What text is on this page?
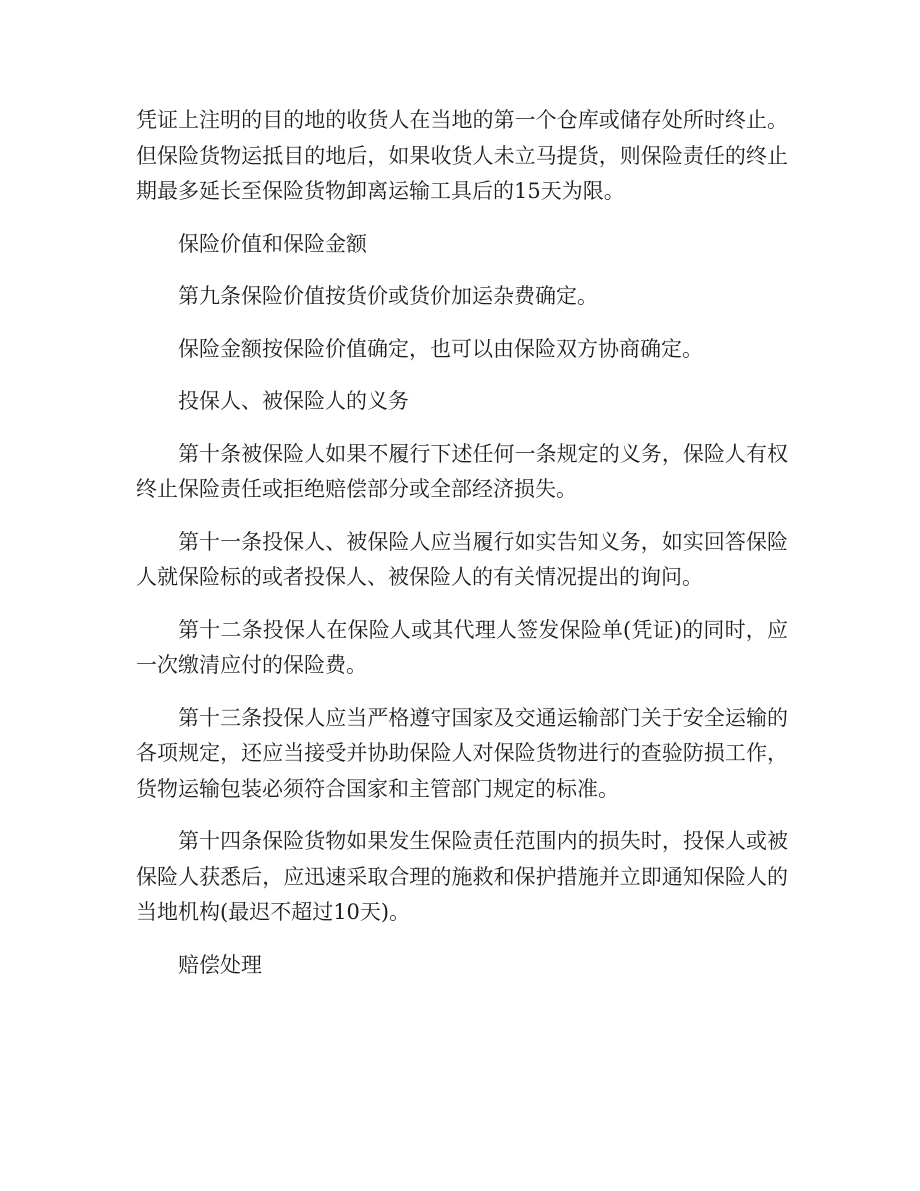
凭证上注明的目的地的收货人在当地的第一个仓库或储存处所时终止。但保险货物运抵目的地后，如果收货人未立马提货，则保险责任的终止期最多延长至保险货物卸离运输工具后的15天为限。

保险价值和保险金额

第九条保险价值按货价或货价加运杂费确定。

保险金额按保险价值确定，也可以由保险双方协商确定。

投保人、被保险人的义务

第十条被保险人如果不履行下述任何一条规定的义务，保险人有权终止保险责任或拒绝赔偿部分或全部经济损失。

第十一条投保人、被保险人应当履行如实告知义务，如实回答保险人就保险标的或者投保人、被保险人的有关情况提出的询问。

第十二条投保人在保险人或其代理人签发保险单(凭证)的同时，应一次缴清应付的保险费。

第十三条投保人应当严格遵守国家及交通运输部门关于安全运输的各项规定，还应当接受并协助保险人对保险货物进行的查验防损工作，货物运输包装必须符合国家和主管部门规定的标准。

第十四条保险货物如果发生保险责任范围内的损失时，投保人或被保险人获悉后，应迅速采取合理的施救和保护措施并立即通知保险人的当地机构(最迟不超过10天)。

赔偿处理
